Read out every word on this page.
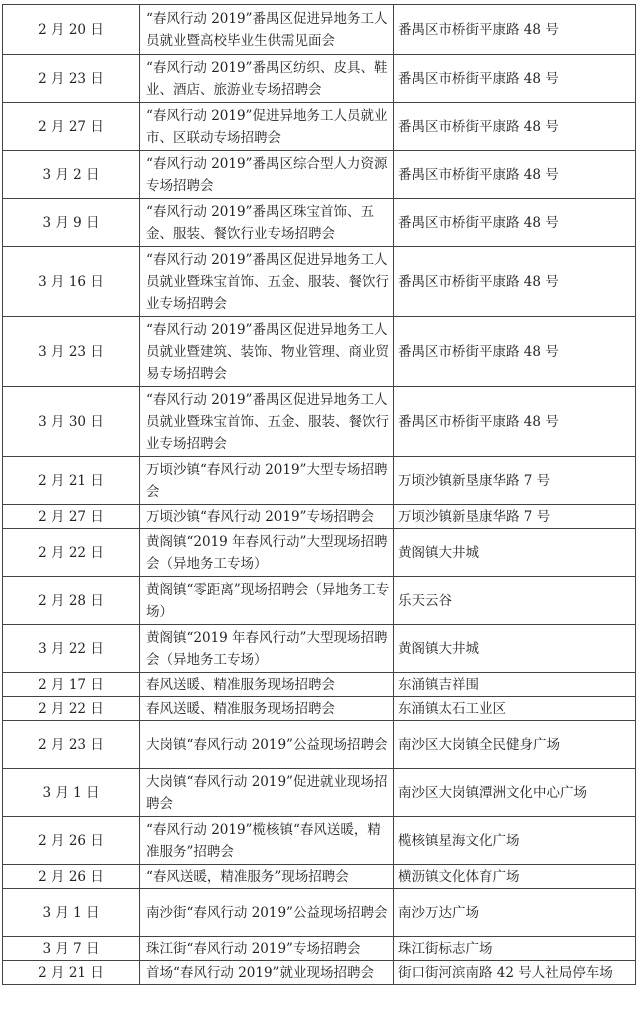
2 月 20 日	“春风行动 2019”番禺区促进异地务工人员就业暨高校毕业生供需见面会	番禺区市桥街平康路 48 号
2 月 23 日	“春风行动 2019”番禺区纺织、皮具、鞋业、酒店、旅游业专场招聘会	番禺区市桥街平康路 48 号
2 月 27 日	“春风行动 2019”促进异地务工人员就业市、区联动专场招聘会	番禺区市桥街平康路 48 号
3 月 2 日	“春风行动 2019”番禺区综合型人力资源专场招聘会	番禺区市桥街平康路 48 号
3 月 9 日	“春风行动 2019”番禺区珠宝首饰、五金、服装、餐饮行业专场招聘会	番禺区市桥街平康路 48 号
3 月 16 日	“春风行动 2019”番禺区促进异地务工人员就业暨珠宝首饰、五金、服装、餐饮行业专场招聘会	番禺区市桥街平康路 48 号
3 月 23 日	“春风行动 2019”番禺区促进异地务工人员就业暨建筑、装饰、物业管理、商业贸易专场招聘会	番禺区市桥街平康路 48 号
3 月 30 日	“春风行动 2019”番禺区促进异地务工人员就业暨珠宝首饰、五金、服装、餐饮行业专场招聘会	番禺区市桥街平康路 48 号
2 月 21 日	万顷沙镇“春风行动 2019”大型专场招聘会	万顷沙镇新垦康华路 7 号
2 月 27 日	万顷沙镇“春风行动 2019”专场招聘会	万顷沙镇新垦康华路 7 号
2 月 22 日	黄阁镇“2019 年春风行动”大型现场招聘会（异地务工专场）	黄阁镇大井城
2 月 28 日	黄阁镇“零距离”现场招聘会（异地务工专场）	乐天云谷
3 月 22 日	黄阁镇“2019 年春风行动”大型现场招聘会（异地务工专场）	黄阁镇大井城
2 月 17 日	春风送暖、精准服务现场招聘会	东涌镇吉祥围
2 月 22 日	春风送暖、精准服务现场招聘会	东涌镇太石工业区
2 月 23 日	大岗镇“春风行动 2019”公益现场招聘会	南沙区大岗镇全民健身广场
3 月 1 日	大岗镇“春风行动 2019”促进就业现场招聘会	南沙区大岗镇潭洲文化中心广场
2 月 26 日	“春风行动 2019”榄核镇“春风送暖，精准服务”招聘会	榄核镇星海文化广场
2 月 26 日	“春风送暖，精准服务”现场招聘会	横沥镇文化体育广场
3 月 1 日	南沙街“春风行动 2019”公益现场招聘会	南沙万达广场
3 月 7 日	珠江街“春风行动 2019”专场招聘会	珠江街标志广场
2 月 21 日	首场“春风行动 2019”就业现场招聘会	街口街河滨南路 42 号人社局停车场
